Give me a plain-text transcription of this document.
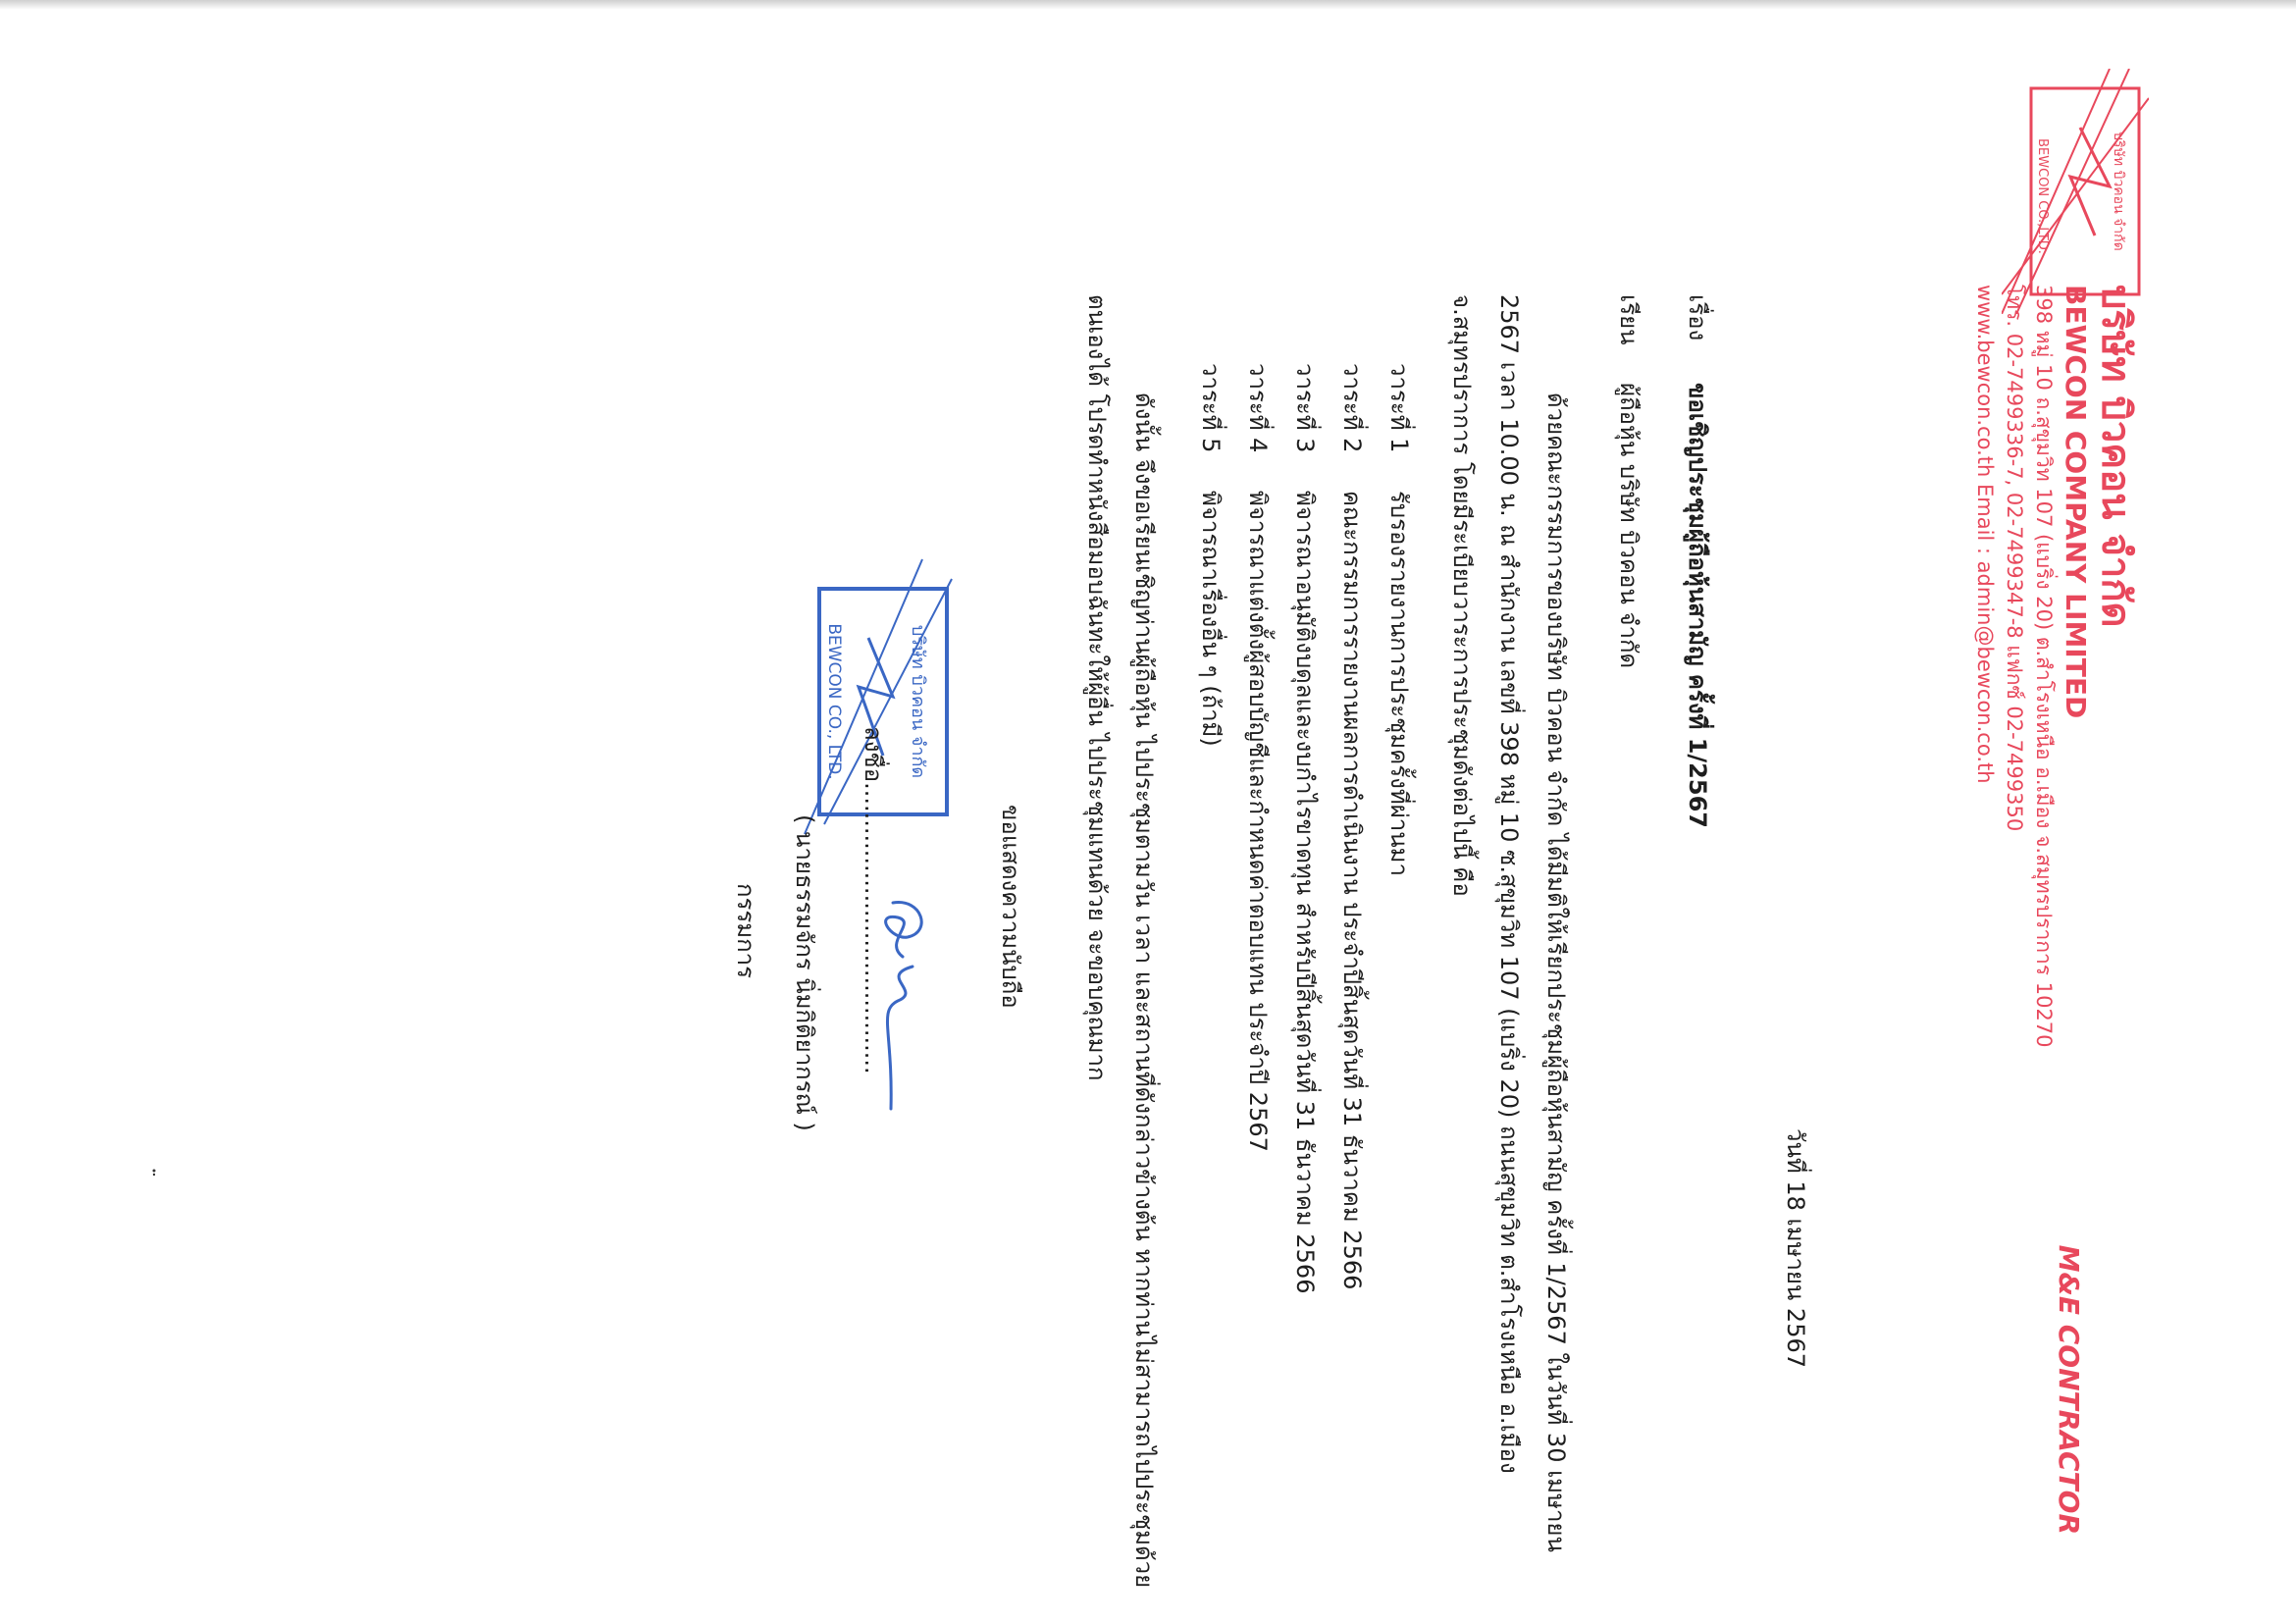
บริษัท บิวคอน จำกัด
BEWCON CO.,LTD.
บริษัท บิวคอน จำกัด
BEWCON COMPANY LIMITED
398 หมู่ 10 ถ.สุขุมวิท 107 (แบริ่ง 20) ต.สำโรงเหนือ อ.เมือง จ.สมุทรปราการ 10270
โทร. 02-7499336-7, 02-7499347-8 แฟกซ์ 02-7499350
www.bewcon.co.th Email : admin@bewcon.co.th
M&E CONTRACTOR
วันที่ 18 เมษายน 2567
เรื่องขอเชิญประชุมผู้ถือหุ้นสามัญ ครั้งที่ 1/2567
เรียนผู้ถือหุ้น บริษัท บิวคอน จำกัด
ด้วยคณะกรรมการของบริษัท บิวคอน จำกัด ได้มีมติให้เรียกประชุมผู้ถือหุ้นสามัญ ครั้งที่ 1/2567 ในวันที่ 30 เมษายน 2567 เวลา 10.00 น. ณ สำนักงาน เลขที่ 398 หมู่ 10 ซ.สุขุมวิท 107 (แบริ่ง 20) ถนนสุขุมวิท ต.สำโรงเหนือ อ.เมือง จ.สมุทรปราการ โดยมีระเบียบวาระการประชุมดังต่อไปนี้ คือ
วาระที่ 1รับรองรายงานการประชุมครั้งที่ผ่านมา
วาระที่ 2คณะกรรมการรายงานผลการดำเนินงาน ประจำปีสิ้นสุดวันที่ 31 ธันวาคม 2566
วาระที่ 3พิจารณาอนุมัติงบดุลและงบกำไรขาดทุน สำหรับปีสิ้นสุดวันที่ 31 ธันวาคม 2566
วาระที่ 4พิจารณาแต่งตั้งผู้สอบบัญชีและกำหนดค่าตอบแทน ประจำปี 2567
วาระที่ 5พิจารณาเรื่องอื่น ๆ (ถ้ามี)
ดังนั้น จึงขอเรียนเชิญท่านผู้ถือหุ้น ไปประชุมตามวัน เวลา และสถานที่ดังกล่าวข้างต้น หากท่านไม่สามารถไปประชุมด้วยตนเองได้ โปรดทำหนังสือมอบฉันทะให้ผู้อื่น ไปประชุมแทนด้วย จะขอบคุณมาก
ขอแสดงความนับถือ
บริษัท บิวคอน จำกัด
BEWCON CO., LTD.
ลงชื่อ.......................................
( นายธรรมจักร นิ่มกิติยากรณ์ )
กรรมการ
